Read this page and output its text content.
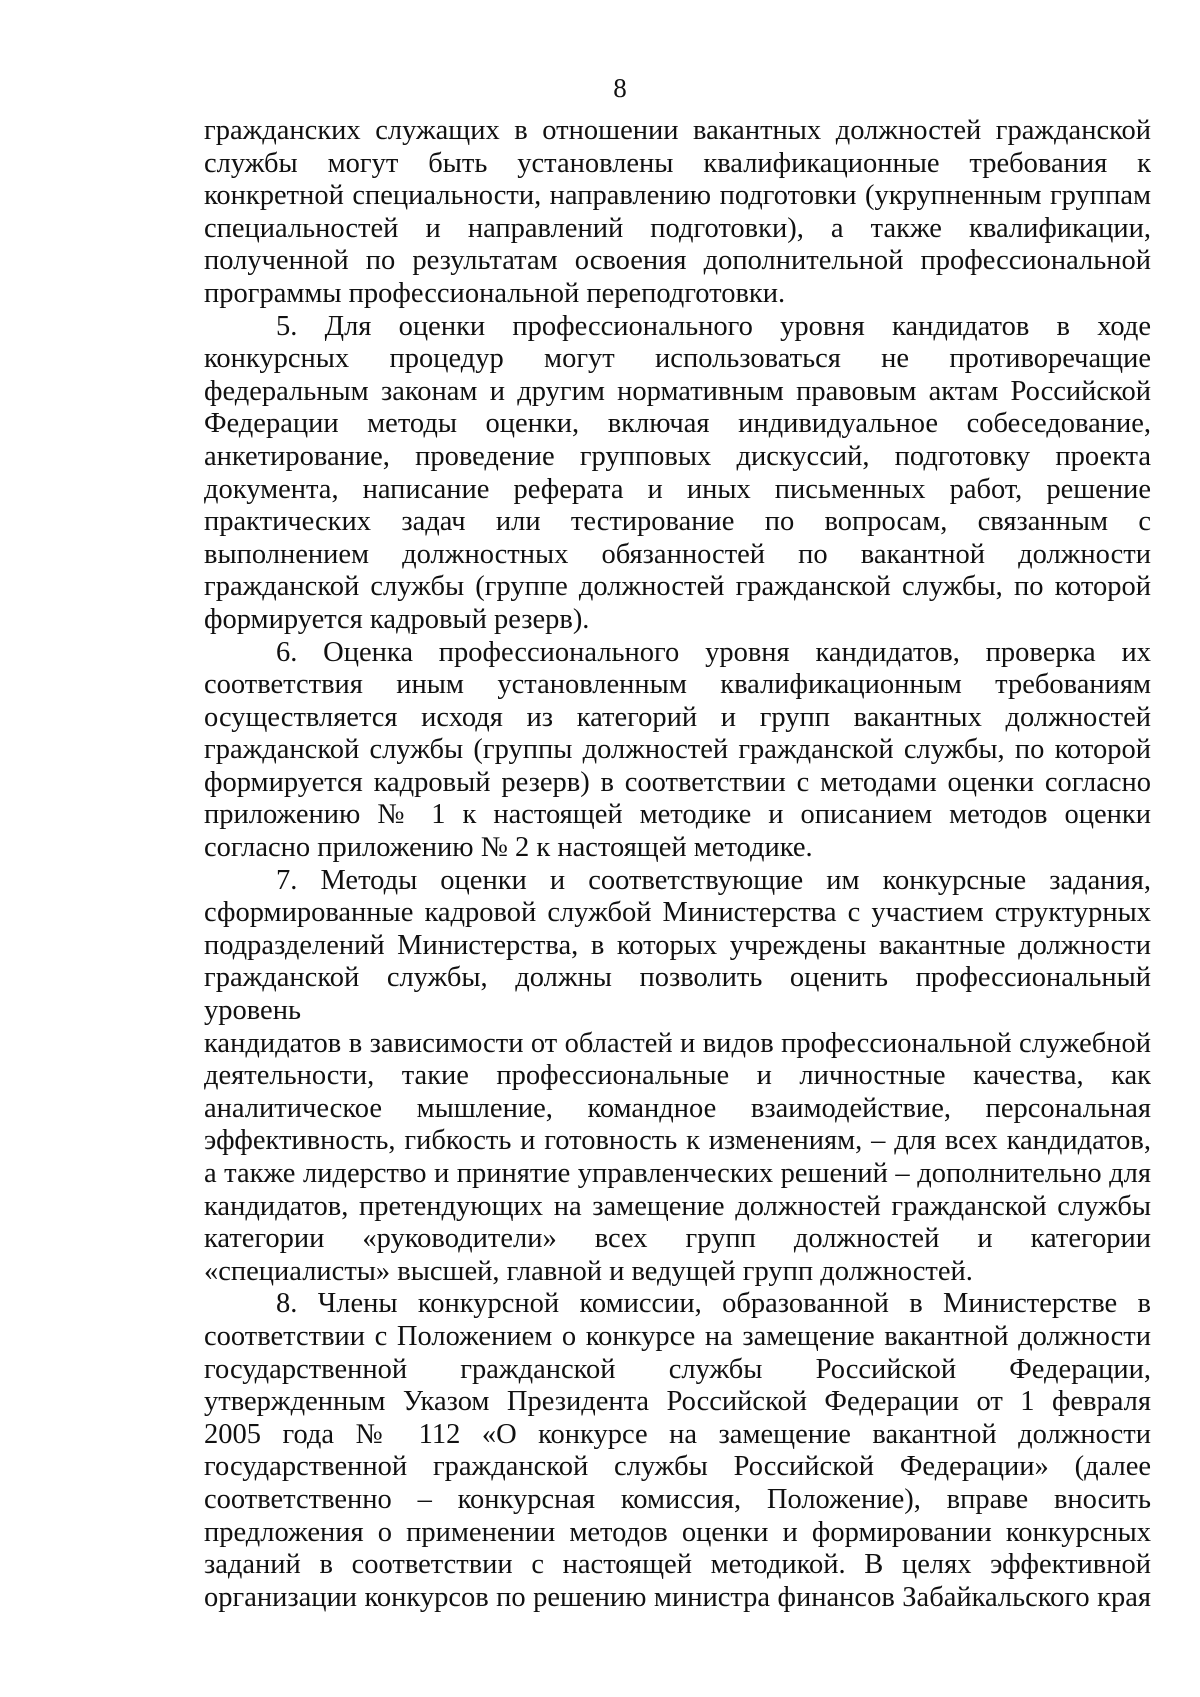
8
гражданских служащих в отношении вакантных должностей гражданской
службы могут быть установлены квалификационные требования к
конкретной специальности, направлению подготовки (укрупненным группам
специальностей и направлений подготовки), а также квалификации,
полученной по результатам освоения дополнительной профессиональной
программы профессиональной переподготовки.
5. Для оценки профессионального уровня кандидатов в ходе
конкурсных процедур могут использоваться не противоречащие
федеральным законам и другим нормативным правовым актам Российской
Федерации методы оценки, включая индивидуальное собеседование,
анкетирование, проведение групповых дискуссий, подготовку проекта
документа, написание реферата и иных письменных работ, решение
практических задач или тестирование по вопросам, связанным с
выполнением должностных обязанностей по вакантной должности
гражданской службы (группе должностей гражданской службы, по которой
формируется кадровый резерв).
6. Оценка профессионального уровня кандидатов, проверка их
соответствия иным установленным квалификационным требованиям
осуществляется исходя из категорий и групп вакантных должностей
гражданской службы (группы должностей гражданской службы, по которой
формируется кадровый резерв) в соответствии с методами оценки согласно
приложению № 1 к настоящей методике и описанием методов оценки
согласно приложению № 2 к настоящей методике.
7. Методы оценки и соответствующие им конкурсные задания,
сформированные кадровой службой Министерства с участием структурных
подразделений Министерства, в которых учреждены вакантные должности
гражданской службы, должны позволить оценить профессиональный уровень
кандидатов в зависимости от областей и видов профессиональной служебной
деятельности, такие профессиональные и личностные качества, как
аналитическое мышление, командное взаимодействие, персональная
эффективность, гибкость и готовность к изменениям, – для всех кандидатов,
а также лидерство и принятие управленческих решений – дополнительно для
кандидатов, претендующих на замещение должностей гражданской службы
категории «руководители» всех групп должностей и категории
«специалисты» высшей, главной и ведущей групп должностей.
8. Члены конкурсной комиссии, образованной в Министерстве в
соответствии с Положением о конкурсе на замещение вакантной должности
государственной гражданской службы Российской Федерации,
утвержденным Указом Президента Российской Федерации от 1 февраля
2005 года № 112 «О конкурсе на замещение вакантной должности
государственной гражданской службы Российской Федерации» (далее
соответственно – конкурсная комиссия, Положение), вправе вносить
предложения о применении методов оценки и формировании конкурсных
заданий в соответствии с настоящей методикой. В целях эффективной
организации конкурсов по решению министра финансов Забайкальского края
